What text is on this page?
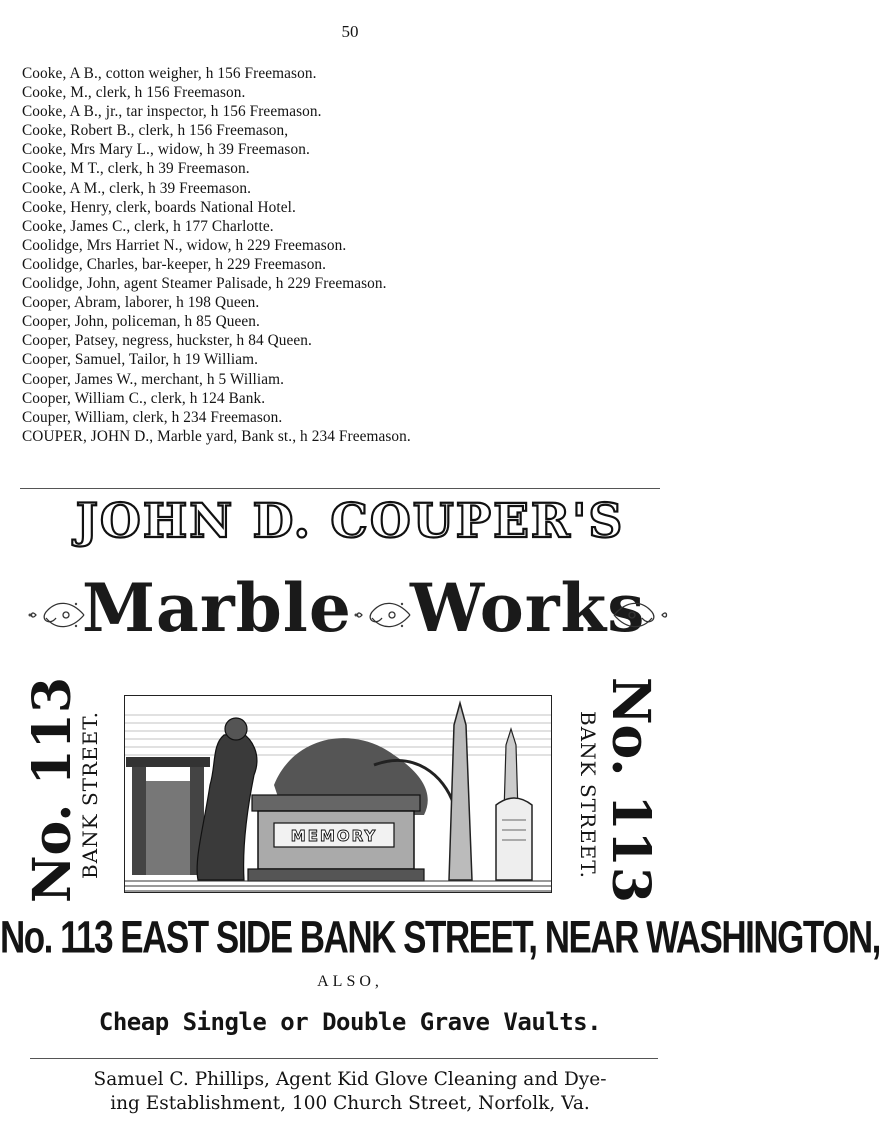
50
Cooke, A B., cotton weigher, h 156 Freemason.
Cooke, M., clerk, h 156 Freemason.
Cooke, A B., jr., tar inspector, h 156 Freemason.
Cooke, Robert B., clerk, h 156 Freemason,
Cooke, Mrs Mary L., widow, h 39 Freemason.
Cooke, M T., clerk, h 39 Freemason.
Cooke, A M., clerk, h 39 Freemason.
Cooke, Henry, clerk, boards National Hotel.
Cooke, James C., clerk, h 177 Charlotte.
Coolidge, Mrs Harriet N., widow, h 229 Freemason.
Coolidge, Charles, bar-keeper, h 229 Freemason.
Coolidge, John, agent Steamer Palisade, h 229 Freemason.
Cooper, Abram, laborer, h 198 Queen.
Cooper, John, policeman, h 85 Queen.
Cooper, Patsey, negress, huckster, h 84 Queen.
Cooper, Samuel, Tailor, h 19 William.
Cooper, James W., merchant, h 5 William.
Cooper, William C., clerk, h 124 Bank.
Couper, William, clerk, h 234 Freemason.
COUPER, JOHN D., Marble yard, Bank st., h 234 Freemason.
JOHN D. COUPER'S
Marble Works
No. 113
BANK STREET.	No. 113
BANK STREET.
MEMORY
No. 113 EAST SIDE BANK STREET, NEAR WASHINGTON,
ALSO,
Cheap Single or Double Grave Vaults.
Samuel C. Phillips, Agent Kid Glove Cleaning and Dye-
ing Establishment, 100 Church Street, Norfolk, Va.
